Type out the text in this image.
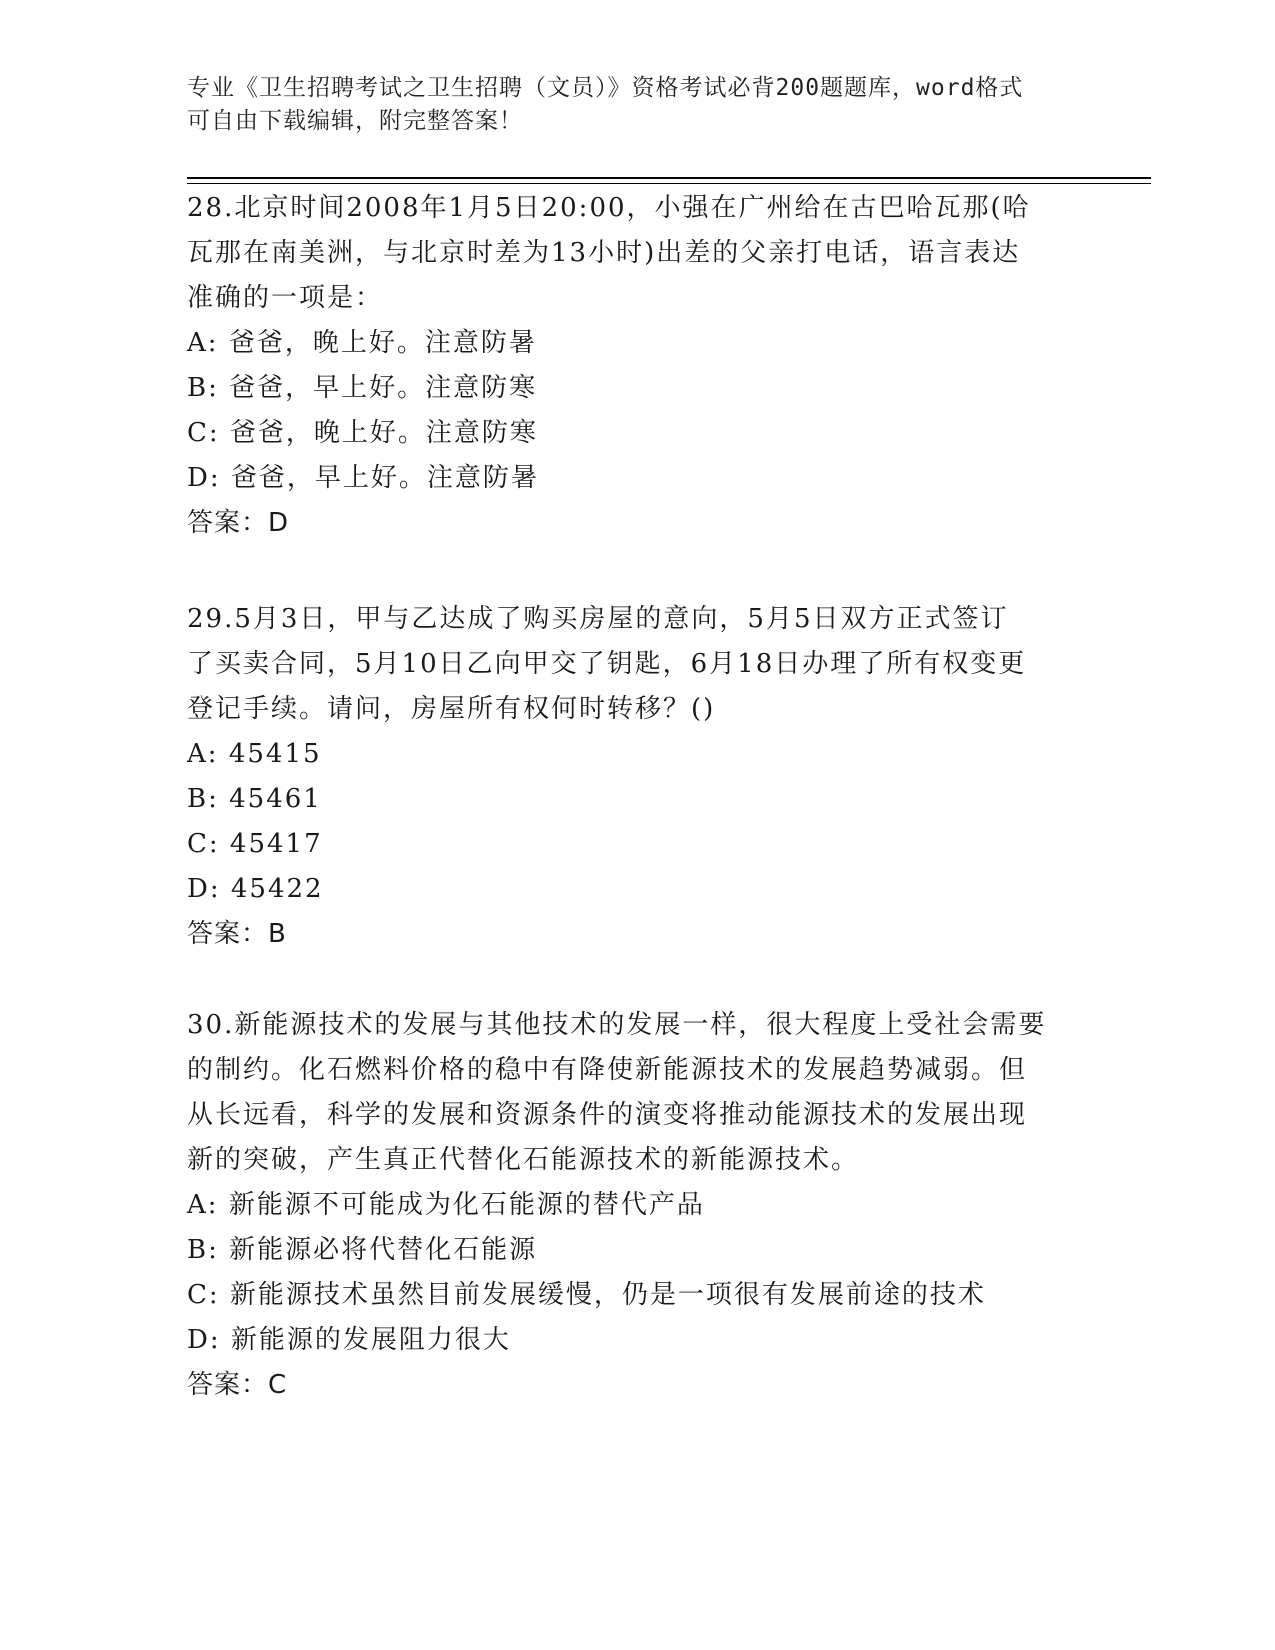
专业《卫生招聘考试之卫生招聘（文员）》资格考试必背200题题库，word格式
可自由下载编辑，附完整答案！
28.北京时间2008年1月5日20:00，小强在广州给在古巴哈瓦那(哈
瓦那在南美洲，与北京时差为13小时)出差的父亲打电话，语言表达
准确的一项是：
A: 爸爸，晚上好。注意防暑
B: 爸爸，早上好。注意防寒
C: 爸爸，晚上好。注意防寒
D: 爸爸，早上好。注意防暑
答案：D
29.5月3日，甲与乙达成了购买房屋的意向，5月5日双方正式签订
了买卖合同，5月10日乙向甲交了钥匙，6月18日办理了所有权变更
登记手续。请问，房屋所有权何时转移？()
A: 45415
B: 45461
C: 45417
D: 45422
答案：B
30.新能源技术的发展与其他技术的发展一样，很大程度上受社会需要
的制约。化石燃料价格的稳中有降使新能源技术的发展趋势减弱。但
从长远看，科学的发展和资源条件的演变将推动能源技术的发展出现
新的突破，产生真正代替化石能源技术的新能源技术。
A: 新能源不可能成为化石能源的替代产品
B: 新能源必将代替化石能源
C: 新能源技术虽然目前发展缓慢，仍是一项很有发展前途的技术
D: 新能源的发展阻力很大
答案：C
